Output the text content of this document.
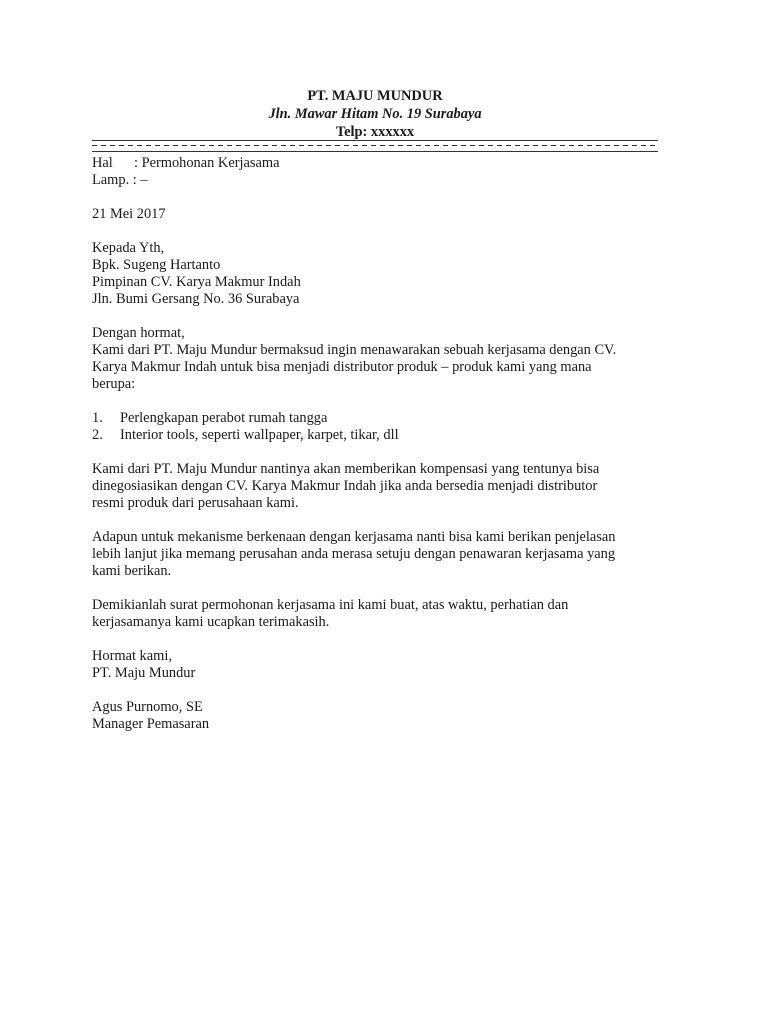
PT. MAJU MUNDUR
Jln. Mawar Hitam No. 19 Surabaya
Telp: xxxxxx
Hal : Permohonan Kerjasama
Lamp. : –
21 Mei 2017
Kepada Yth,
Bpk. Sugeng Hartanto
Pimpinan CV. Karya Makmur Indah
Jln. Bumi Gersang No. 36 Surabaya
Dengan hormat,
Kami dari PT. Maju Mundur bermaksud ingin menawarakan sebuah kerjasama dengan CV.
Karya Makmur Indah untuk bisa menjadi distributor produk – produk kami yang mana
berupa:
1. Perlengkapan perabot rumah tangga
2. Interior tools, seperti wallpaper, karpet, tikar, dll
Kami dari PT. Maju Mundur nantinya akan memberikan kompensasi yang tentunya bisa
dinegosiasikan dengan CV. Karya Makmur Indah jika anda bersedia menjadi distributor
resmi produk dari perusahaan kami.
Adapun untuk mekanisme berkenaan dengan kerjasama nanti bisa kami berikan penjelasan
lebih lanjut jika memang perusahan anda merasa setuju dengan penawaran kerjasama yang
kami berikan.
Demikianlah surat permohonan kerjasama ini kami buat, atas waktu, perhatian dan
kerjasamanya kami ucapkan terimakasih.
Hormat kami,
PT. Maju Mundur
Agus Purnomo, SE
Manager Pemasaran
